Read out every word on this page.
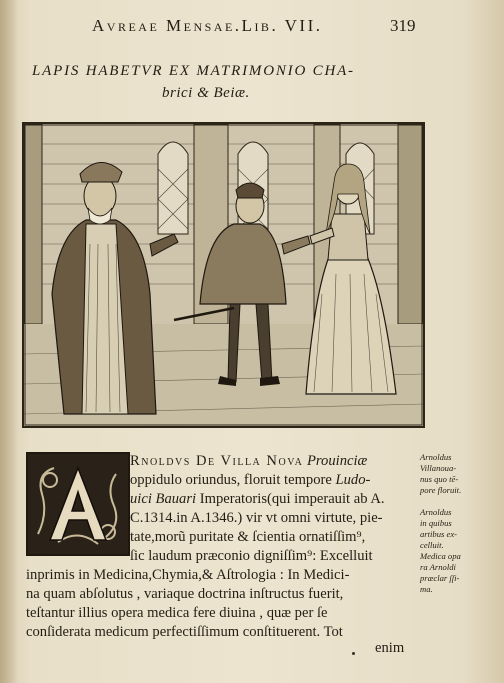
Avreae Mensae.Lib. VII.	319
LAPIS HABETVR EX MATRIMONIO CHA-
brici & Beiæ.
Rnoldvs De Villa Nova Prouinciæ
oppidulo oriundus, floruit tempore Ludo-
uici Bauari Imperatoris(qui imperauit ab A.
C.1314.in A.1346.) vir vt omni virtute, pie-
tate,morũ puritate & ſcientia ornatiſſim⁹,
ſic laudum præconio digniſſim⁹: Excelluit
inprimis in Medicina,Chymia,& Aſtrologia : In Medici-
na quam abſolutus , variaque doctrina inſtructus fuerit,
teſtantur illius opera medica fere diuina , quæ per ſe
conſiderata medicum perfectiſſimum conſtituerent. Tot
Arnoldus
Villanoua-
nus quo tē-
pore floruit.
Arnoldus
in quibus
artibus ex-
celluit.
Medica opa
ra Arnoldi
præclar ſſi-
ma.
enim
